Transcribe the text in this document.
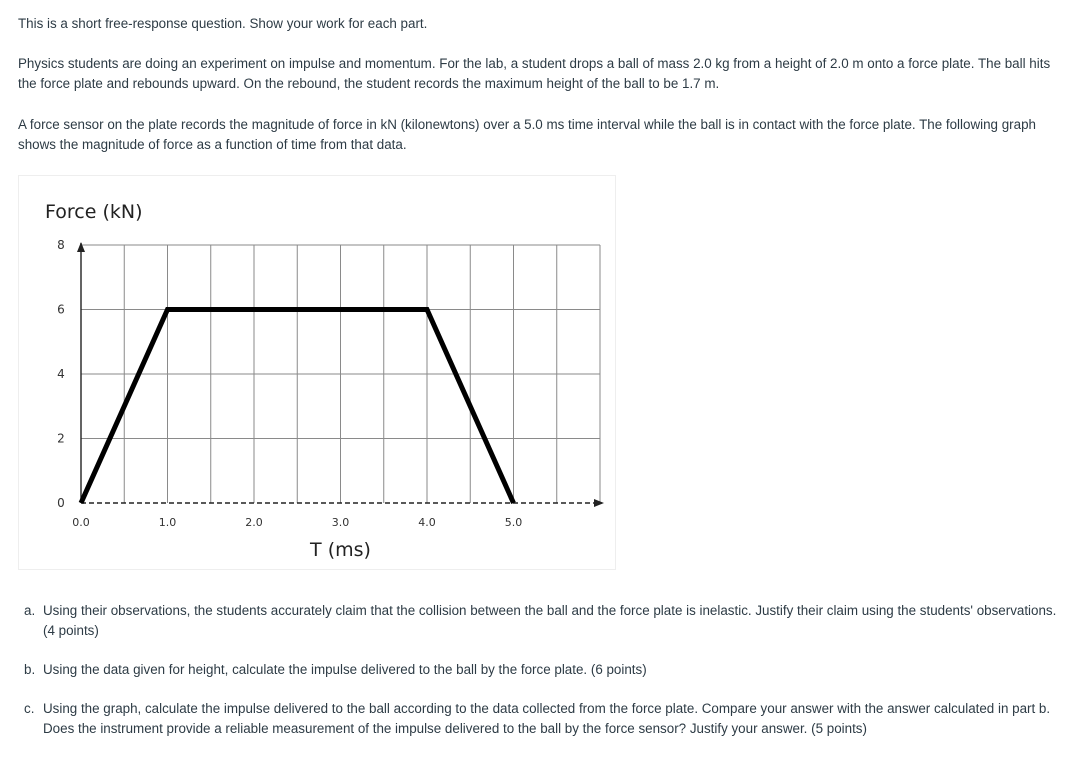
This is a short free-response question. Show your work for each part.

Physics students are doing an experiment on impulse and momentum. For the lab, a student drops a ball of mass 2.0 kg from a height of 2.0 m onto a force plate. The ball hits the force plate and rebounds upward. On the rebound, the student records the maximum height of the ball to be 1.7 m.

A force sensor on the plate records the magnitude of force in kN (kilonewtons) over a 5.0 ms time interval while the ball is in contact with the force plate. The following graph shows the magnitude of force as a function of time from that data.

0
2
4
6
8
0.0	1.0	2.0	3.0	4.0	5.0
Force (kN)
T (ms)
a. Using their observations, the students accurately claim that the collision between the ball and the force plate is inelastic. Justify their claim using the students' observations. (4 points)
b. Using the data given for height, calculate the impulse delivered to the ball by the force plate. (6 points)
c. Using the graph, calculate the impulse delivered to the ball according to the data collected from the force plate. Compare your answer with the answer calculated in part b. Does the instrument provide a reliable measurement of the impulse delivered to the ball by the force sensor? Justify your answer. (5 points)
